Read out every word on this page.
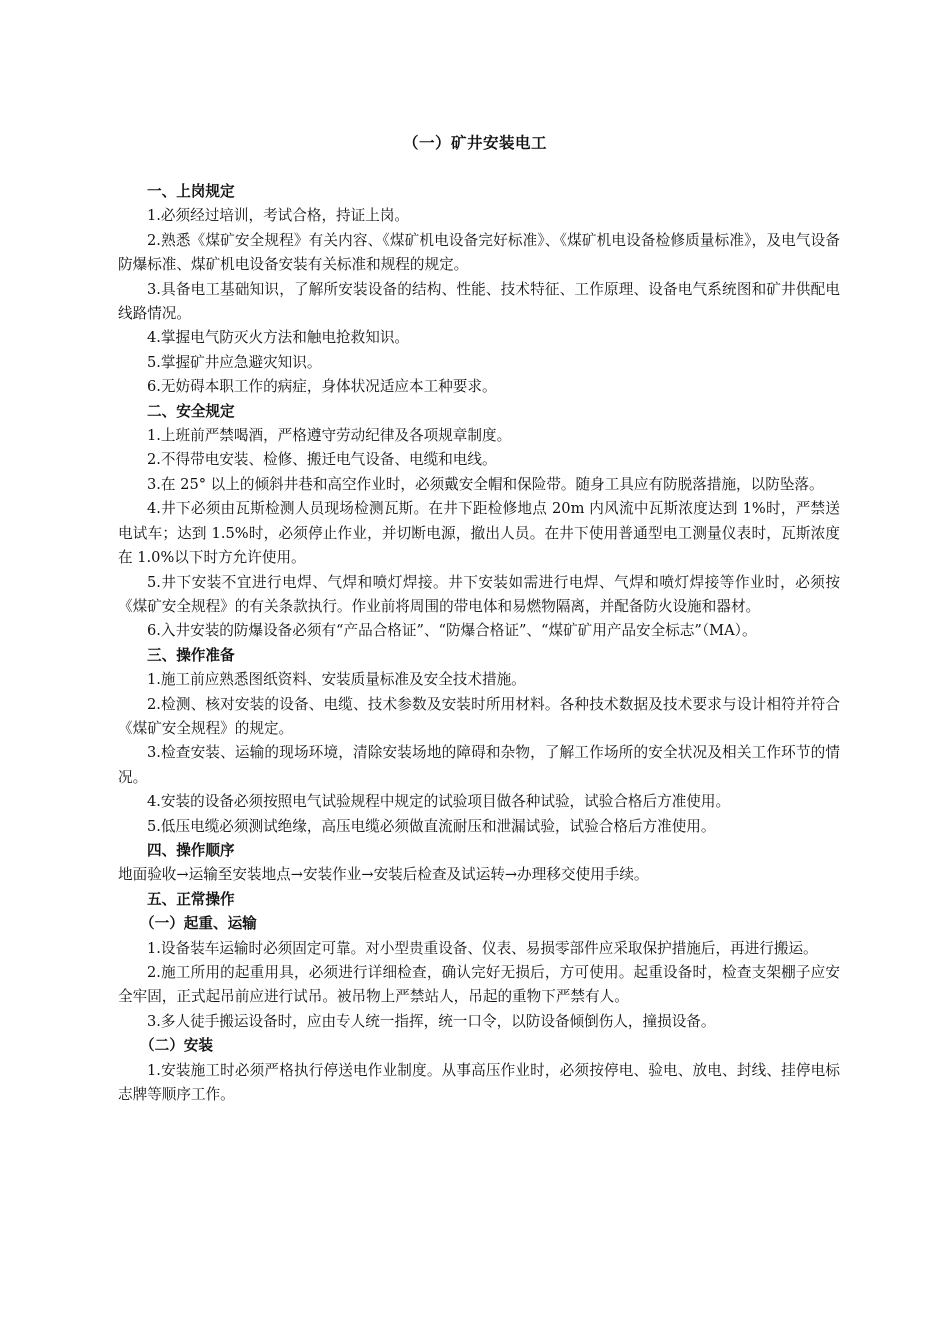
（一）矿井安装电工

一、上岗规定

1.必须经过培训，考试合格，持证上岗。

2.熟悉《煤矿安全规程》有关内容、《煤矿机电设备完好标准》、《煤矿机电设备检修质量标准》，及电气设备防爆标准、煤矿机电设备安装有关标准和规程的规定。

3.具备电工基础知识，了解所安装设备的结构、性能、技术特征、工作原理、设备电气系统图和矿井供配电线路情况。

4.掌握电气防灭火方法和触电抢救知识。

5.掌握矿井应急避灾知识。

6.无妨碍本职工作的病症，身体状况适应本工种要求。

二、安全规定

1.上班前严禁喝酒，严格遵守劳动纪律及各项规章制度。

2.不得带电安装、检修、搬迁电气设备、电缆和电线。

3.在 25° 以上的倾斜井巷和高空作业时，必须戴安全帽和保险带。随身工具应有防脱落措施，以防坠落。

4.井下必须由瓦斯检测人员现场检测瓦斯。在井下距检修地点 20m 内风流中瓦斯浓度达到 1%时，严禁送电试车；达到 1.5%时，必须停止作业，并切断电源，撤出人员。在井下使用普通型电工测量仪表时，瓦斯浓度在 1.0%以下时方允许使用。

5.井下安装不宜进行电焊、气焊和喷灯焊接。井下安装如需进行电焊、气焊和喷灯焊接等作业时，必须按《煤矿安全规程》的有关条款执行。作业前将周围的带电体和易燃物隔离，并配备防火设施和器材。

6.入井安装的防爆设备必须有“产品合格证”、“防爆合格证”、“煤矿矿用产品安全标志”（MA）。

三、操作准备

1.施工前应熟悉图纸资料、安装质量标准及安全技术措施。

2.检测、核对安装的设备、电缆、技术参数及安装时所用材料。各种技术数据及技术要求与设计相符并符合《煤矿安全规程》的规定。

3.检查安装、运输的现场环境，清除安装场地的障碍和杂物，了解工作场所的安全状况及相关工作环节的情况。

4.安装的设备必须按照电气试验规程中规定的试验项目做各种试验，试验合格后方准使用。

5.低压电缆必须测试绝缘，高压电缆必须做直流耐压和泄漏试验，试验合格后方准使用。

四、操作顺序

地面验收→运输至安装地点→安装作业→安装后检查及试运转→办理移交使用手续。

五、正常操作

（一）起重、运输

1.设备装车运输时必须固定可靠。对小型贵重设备、仪表、易损零部件应采取保护措施后，再进行搬运。

2.施工所用的起重用具，必须进行详细检查，确认完好无损后，方可使用。起重设备时，检查支架棚子应安全牢固，正式起吊前应进行试吊。被吊物上严禁站人，吊起的重物下严禁有人。

3.多人徒手搬运设备时，应由专人统一指挥，统一口令，以防设备倾倒伤人，撞损设备。

（二）安装

1.安装施工时必须严格执行停送电作业制度。从事高压作业时，必须按停电、验电、放电、封线、挂停电标志牌等顺序工作。
